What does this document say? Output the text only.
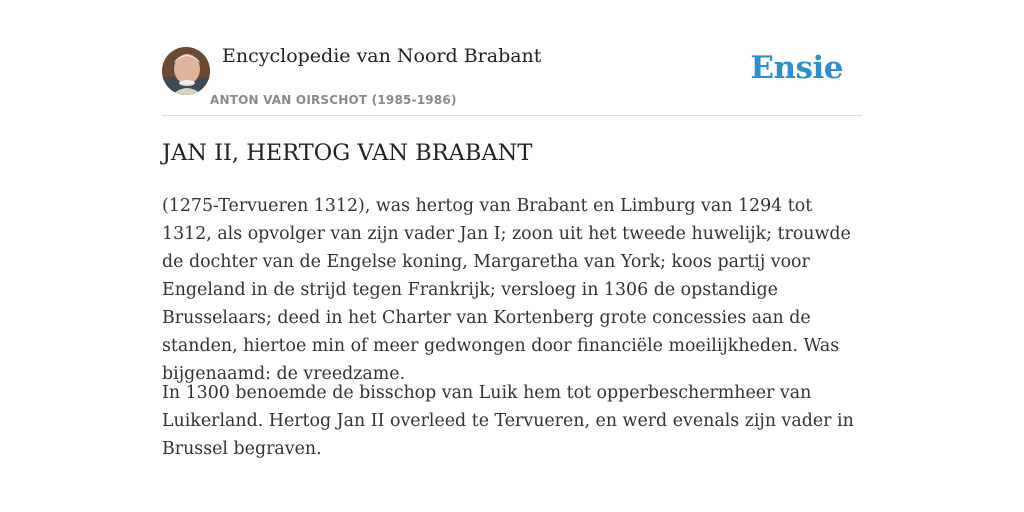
Encyclopedie van Noord Brabant
ANTON VAN OIRSCHOT (1985-1986)
Ensie
JAN II, HERTOG VAN BRABANT

(1275-Tervueren 1312), was hertog van Brabant en Limburg van 1294 tot 1312, als opvolger van zijn vader Jan I; zoon uit het tweede huwelijk; trouwde de dochter van de Engelse koning, Margaretha van York; koos partij voor Engeland in de strijd tegen Frankrijk; versloeg in 1306 de opstandige Brusselaars; deed in het Charter van Kortenberg grote concessies aan de standen, hiertoe min of meer gedwongen door financiële moeilijkheden. Was bijgenaamd: de vreedzame.

In 1300 benoemde de bisschop van Luik hem tot opperbeschermheer van Luikerland. Hertog Jan II overleed te Tervueren, en werd evenals zijn vader in Brussel begraven.
